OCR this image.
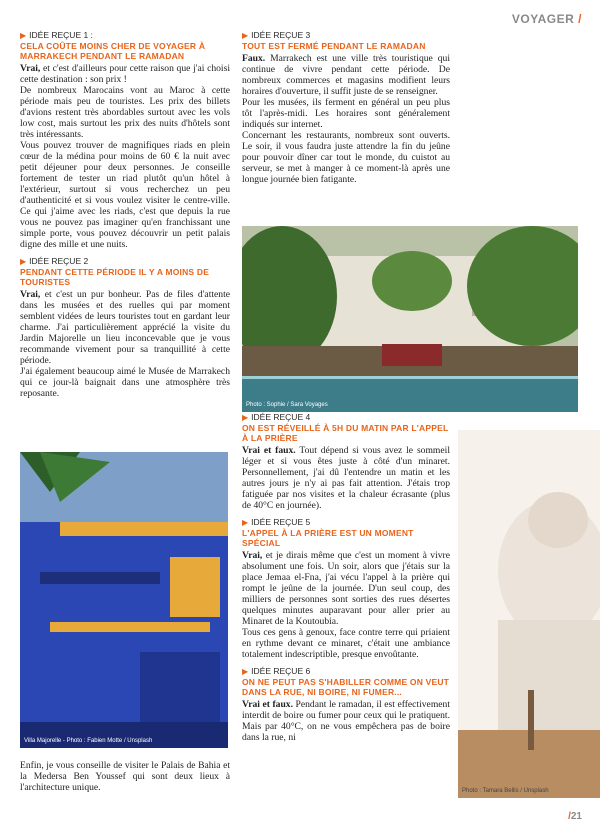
VOYAGER /
▶ IDÉE REÇUE 1 :
CELA COÛTE MOINS CHER DE VOYAGER À MARRAKECH PENDANT LE RAMADAN

Vrai, et c'est d'ailleurs pour cette raison que j'ai choisi cette destination : son prix !

De nombreux Marocains vont au Maroc à cette période mais peu de touristes. Les prix des billets d'avions restent très abordables surtout avec les vols low cost, mais surtout les prix des nuits d'hôtels sont très intéressants.

Vous pouvez trouver de magnifiques riads en plein cœur de la médina pour moins de 60 € la nuit avec petit déjeuner pour deux personnes. Je conseille fortement de tester un riad plutôt qu'un hôtel à l'extérieur, surtout si vous recherchez un peu d'authenticité et si vous voulez visiter le centre-ville. Ce qui j'aime avec les riads, c'est que depuis la rue vous ne pouvez pas imaginer qu'en franchissant une simple porte, vous pouvez découvrir un petit palais digne des mille et une nuits.

▶ IDÉE REÇUE 2
PENDANT CETTE PÉRIODE IL Y A MOINS DE TOURISTES

Vrai, et c'est un pur bonheur. Pas de files d'attente dans les musées et des ruelles qui par moment semblent vidées de leurs touristes tout en gardant leur charme. J'ai particulièrement apprécié la visite du Jardin Majorelle un lieu inconcevable que je vous recommande vivement pour sa tranquillité à cette période.

J'ai également beaucoup aimé le Musée de Marrakech qui ce jour-là baignait dans une atmosphère très reposante.

▶ IDÉE REÇUE 3
TOUT EST FERMÉ PENDANT LE RAMADAN

Faux. Marrakech est une ville très touristique qui continue de vivre pendant cette période. De nombreux commerces et magasins modifient leurs horaires d'ouverture, il suffit juste de se renseigner.

Pour les musées, ils ferment en général un peu plus tôt l'après-midi. Les horaires sont généralement indiqués sur internet.

Concernant les restaurants, nombreux sont ouverts. Le soir, il vous faudra juste attendre la fin du jeûne pour pouvoir dîner car tout le monde, du cuistot au serveur, se met à manger à ce moment-là après une longue journée bien fatigante.

▶ IDÉE REÇUE 4
ON EST RÉVEILLÉ À 5H DU MATIN PAR L'APPEL À LA PRIÈRE

Vrai et faux. Tout dépend si vous avez le sommeil léger et si vous êtes juste à côté d'un minaret. Personnellement, j'ai dû l'entendre un matin et les autres jours je n'y ai pas fait attention. J'étais trop fatiguée par nos visites et la chaleur écrasante (plus de 40°C en journée).

▶ IDÉE REÇUE 5
L'APPEL À LA PRIÈRE EST UN MOMENT SPÉCIAL

Vrai, et je dirais même que c'est un moment à vivre absolument une fois. Un soir, alors que j'étais sur la place Jemaa el-Fna, j'ai vécu l'appel à la prière qui rompt le jeûne de la journée. D'un seul coup, des milliers de personnes sont sorties des rues désertes quelques minutes auparavant pour aller prier au Minaret de la Koutoubia.

Tous ces gens à genoux, face contre terre qui priaient en rythme devant ce minaret, c'était une ambiance totalement indescriptible, presque envoûtante.

▶ IDÉE REÇUE 6
ON NE PEUT PAS S'HABILLER COMME ON VEUT DANS LA RUE, NI BOIRE, NI FUMER...

Vrai et faux. Pendant le ramadan, il est effectivement interdit de boire ou fumer pour ceux qui le pratiquent. Mais par 40°C, on ne vous empêchera pas de boire dans la rue, ni

Photo : Sophie / Sara Voyages
Villa Majorelle - Photo : Fabien Motte / Unsplash
Photo : Tamara Bellis / Unsplash

Enfin, je vous conseille de visiter le Palais de Bahia et la Medersa Ben Youssef qui sont deux lieux à l'architecture unique.

/21
